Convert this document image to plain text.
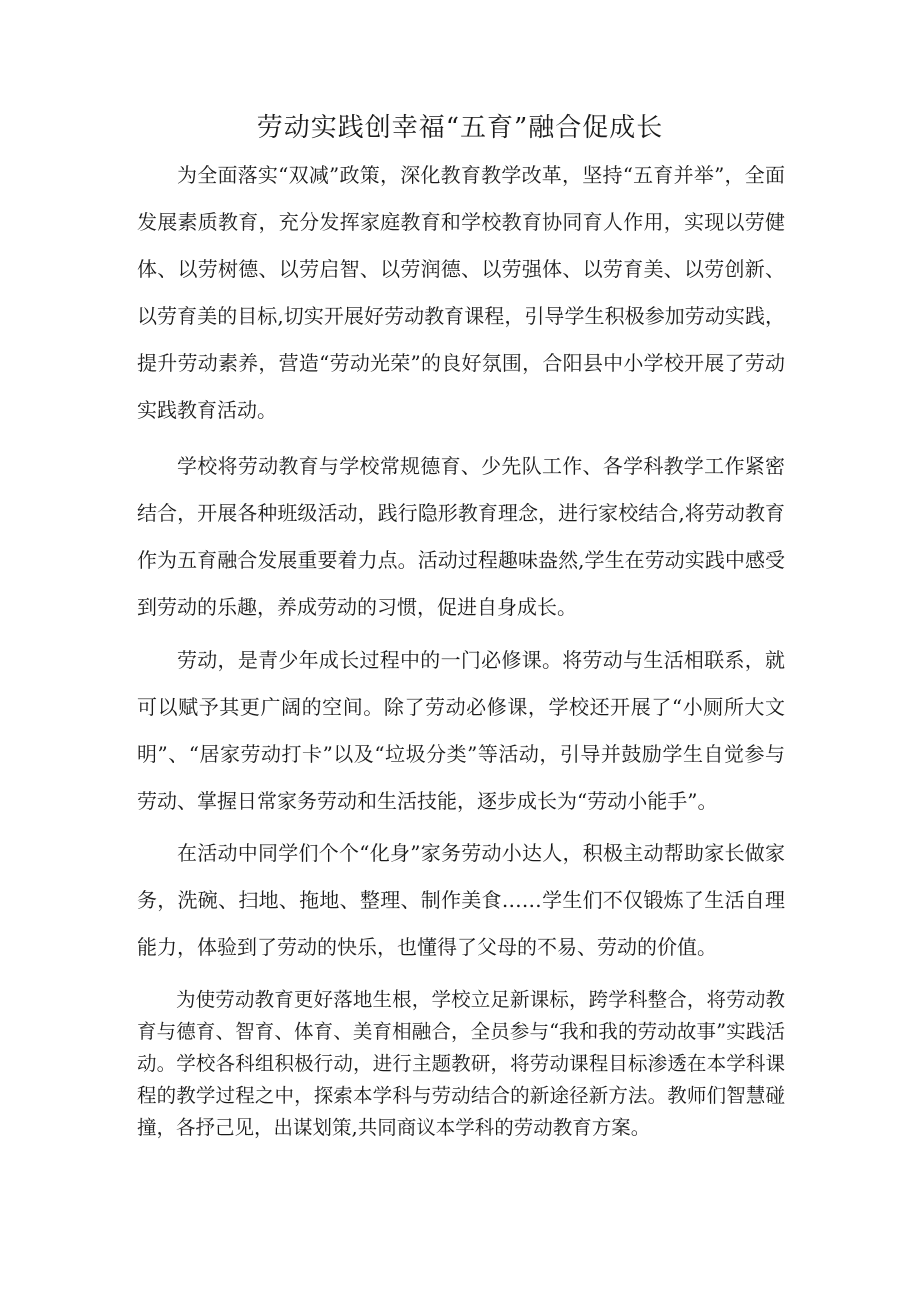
劳动实践创幸福“五育”融合促成长

为全面落实“双减”政策，深化教育教学改革，坚持“五育并举”，全面发展素质教育，充分发挥家庭教育和学校教育协同育人作用，实现以劳健体、以劳树德、以劳启智、以劳润德、以劳强体、以劳育美、以劳创新、以劳育美的目标,切实开展好劳动教育课程，引导学生积极参加劳动实践，提升劳动素养，营造“劳动光荣”的良好氛围，合阳县中小学校开展了劳动实践教育活动。

学校将劳动教育与学校常规德育、少先队工作、各学科教学工作紧密结合，开展各种班级活动，践行隐形教育理念，进行家校结合,将劳动教育作为五育融合发展重要着力点。活动过程趣味盎然,学生在劳动实践中感受到劳动的乐趣，养成劳动的习惯，促进自身成长。

劳动，是青少年成长过程中的一门必修课。将劳动与生活相联系，就可以赋予其更广阔的空间。除了劳动必修课，学校还开展了“小厕所大文明”、“居家劳动打卡”以及“垃圾分类”等活动，引导并鼓励学生自觉参与劳动、掌握日常家务劳动和生活技能，逐步成长为“劳动小能手”。

在活动中同学们个个“化身”家务劳动小达人，积极主动帮助家长做家务，洗碗、扫地、拖地、整理、制作美食……学生们不仅锻炼了生活自理能力，体验到了劳动的快乐，也懂得了父母的不易、劳动的价值。

为使劳动教育更好落地生根，学校立足新课标，跨学科整合，将劳动教育与德育、智育、体育、美育相融合，全员参与“我和我的劳动故事”实践活动。学校各科组积极行动，进行主题教研，将劳动课程目标渗透在本学科课程的教学过程之中，探索本学科与劳动结合的新途径新方法。教师们智慧碰撞，各抒己见，出谋划策,共同商议本学科的劳动教育方案。
